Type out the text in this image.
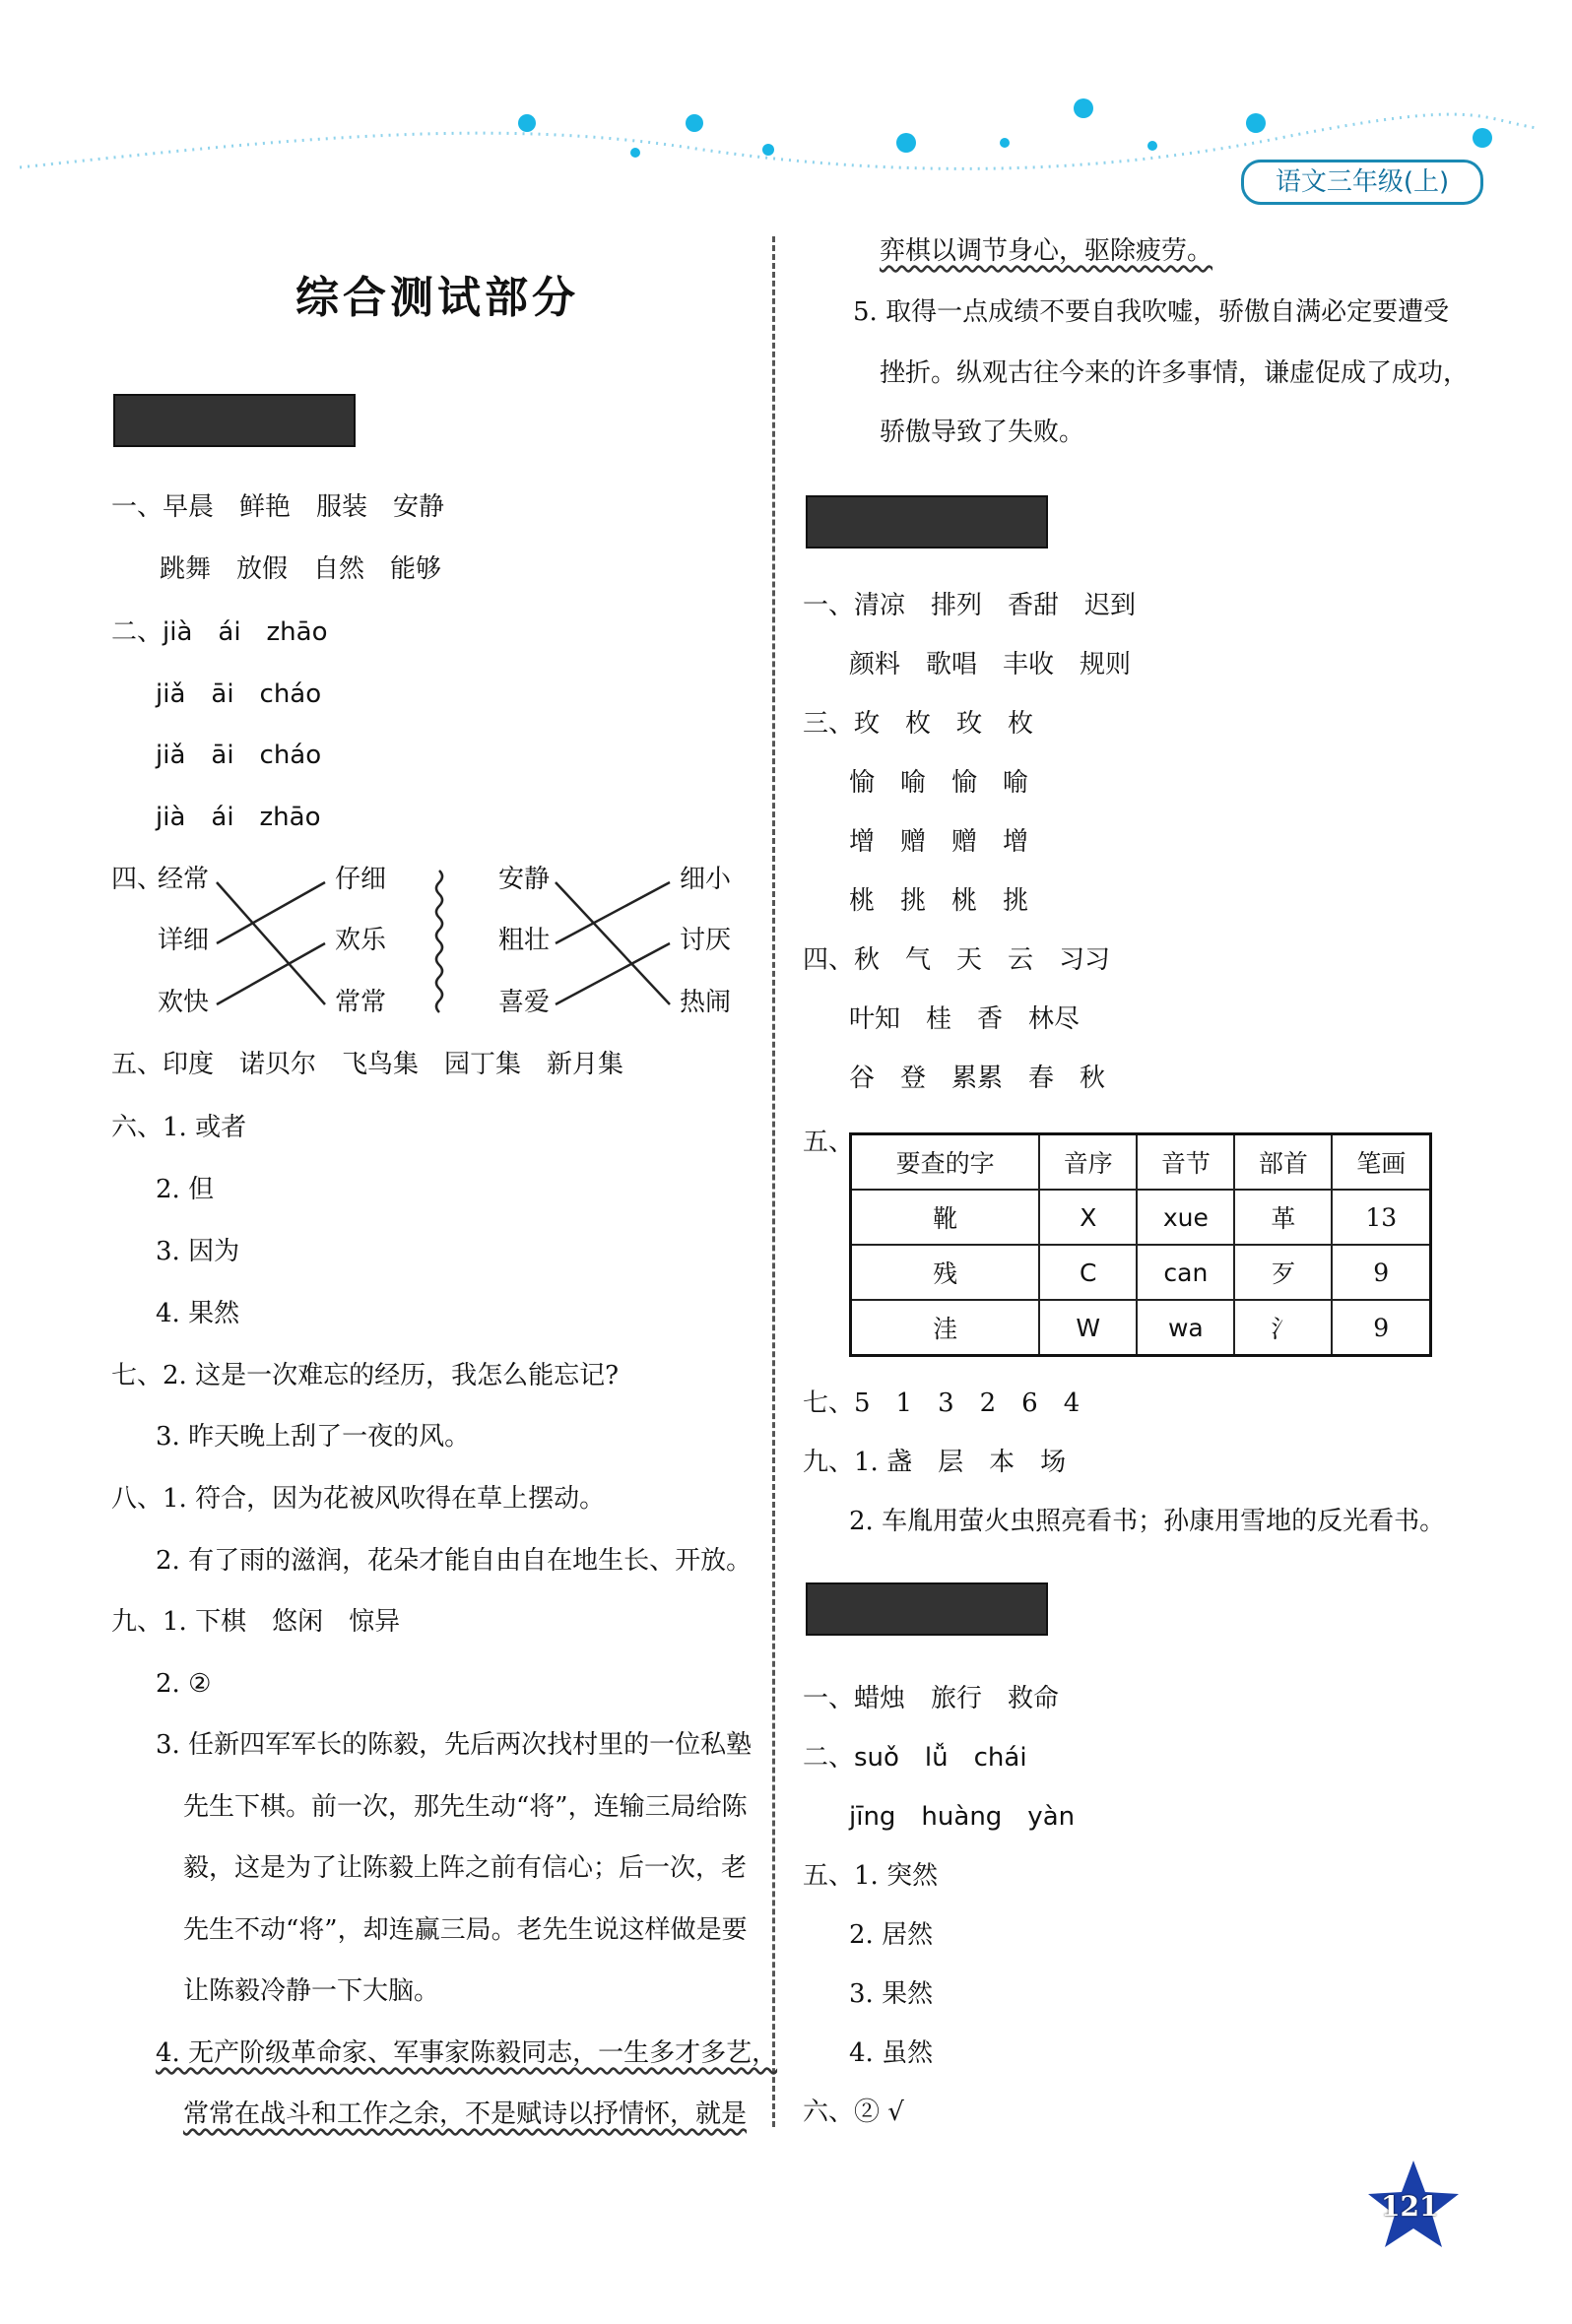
语文三年级(上)
综合测试部分
一、早晨　鲜艳　服装　安静
跳舞　放假　自然　能够
二、jià　ái　zhāo
jiǎ　āi　cháo
jiǎ　āi　cháo
jià　ái　zhāo
四、
经常
详细
欢快
仔细
欢乐
常常
安静
粗壮
喜爱
细小
讨厌
热闹
五、印度　诺贝尔　飞鸟集　园丁集　新月集
六、1. 或者
2. 但
3. 因为
4. 果然
七、2. 这是一次难忘的经历，我怎么能忘记?
3. 昨天晚上刮了一夜的风。
八、1. 符合，因为花被风吹得在草上摆动。
2. 有了雨的滋润，花朵才能自由自在地生长、开放。
九、1. 下棋　悠闲　惊异
2. ②
3. 任新四军军长的陈毅，先后两次找村里的一位私塾
先生下棋。前一次，那先生动“将”，连输三局给陈
毅，这是为了让陈毅上阵之前有信心；后一次，老
先生不动“将”，却连赢三局。老先生说这样做是要
让陈毅冷静一下大脑。
4. 无产阶级革命家、军事家陈毅同志，一生多才多艺，
常常在战斗和工作之余，不是赋诗以抒情怀，就是
弈棋以调节身心，驱除疲劳。
5. 取得一点成绩不要自我吹嘘，骄傲自满必定要遭受
挫折。纵观古往今来的许多事情，谦虚促成了成功，
骄傲导致了失败。
一、清凉　排列　香甜　迟到
颜料　歌唱　丰收　规则
三、玫　枚　玫　枚
愉　喻　愉　喻
增　赠　赠　增
桃　挑　桃　挑
四、秋　气　天　云　习习
叶知　桂　香　林尽
谷　登　累累　春　秋
五、
要查的字	音序	音节	部首	笔画
靴	X	xue	革	13
残	C	can	歹	9
洼	W	wa	氵	9
七、5　1　3　2　6　4
九、1. 盏　层　本　场
2. 车胤用萤火虫照亮看书；孙康用雪地的反光看书。
一、蜡烛　旅行　救命
二、suǒ　lǚ　chái
jīng　huàng　yàn
五、1. 突然
2. 居然
3. 果然
4. 虽然
六、② √
121
